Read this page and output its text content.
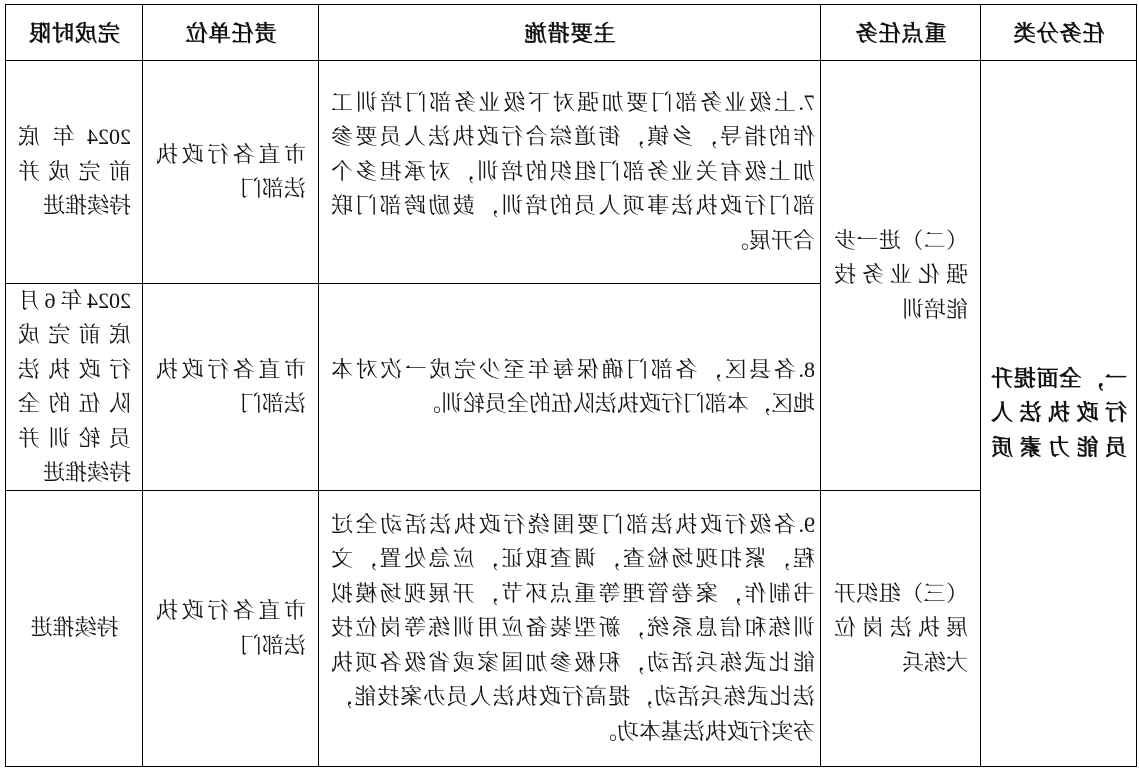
任务分类
重点任务
主要措施
责任单位
完成时限
一，全面提升
行政执法人
员能力素质
（二）进一步
强化业务技
能培训
（三）组织开
展执法岗位
大练兵
7.上级业务部门要加强对下级业务部门培训工
作的指导，乡镇，街道综合行政执法人员要参
加上级有关业务部门组织的培训，对承担多个
部门行政执法事项人员的培训，鼓励跨部门联
合开展。
市直各行政执
法部门
2024年底
前完成并
持续推进
8.各县区，各部门确保每年至少完成一次对本
地区，本部门行政执法队伍的全员轮训。
市直各行政执
法部门
2024年6月
底前完成
行政执法
队伍的全
员轮训并
持续推进
9.各级行政执法部门要围绕行政执法活动全过
程，紧扣现场检查，调查取证，应急处置，文
书制作，案卷管理等重点环节，开展现场模拟
训练和信息系统，新型装备应用训练等岗位技
能比武练兵活动，积极参加国家或省级各项执
法比武练兵活动，提高行政执法人员办案技能，
夯实行政执法基本功。
市直各行政执
法部门
持续推进
